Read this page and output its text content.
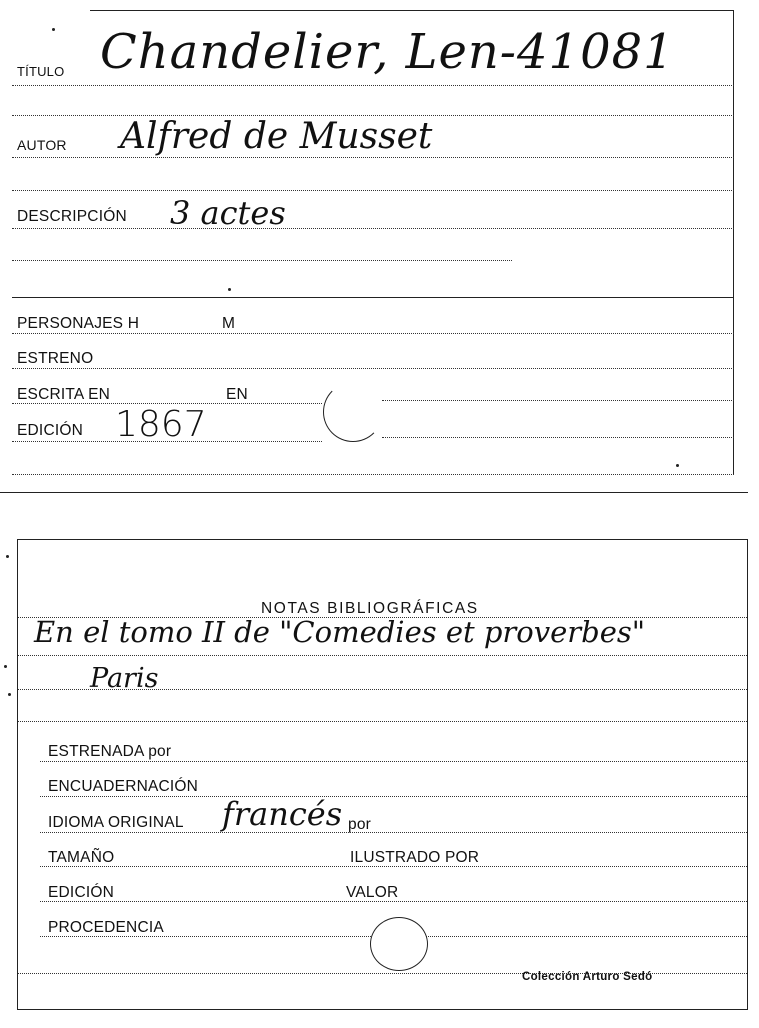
TÍTULO Chandelier, Len-41081
AUTOR Alfred de Musset
DESCRIPCIÓN 3 actes
PERSONAJES H	M
ESTRENO
ESCRITA EN	EN
EDICIÓN 1867
NOTAS BIBLIOGRÁFICAS
En el tomo II de "Comedies et proverbes"
Paris
ESTRENADA por
ENCUADERNACIÓN
IDIOMA ORIGINAL francés por
TAMAÑO	ILUSTRADO POR
EDICIÓN	VALOR
PROCEDENCIA
Colección Arturo Sedó
